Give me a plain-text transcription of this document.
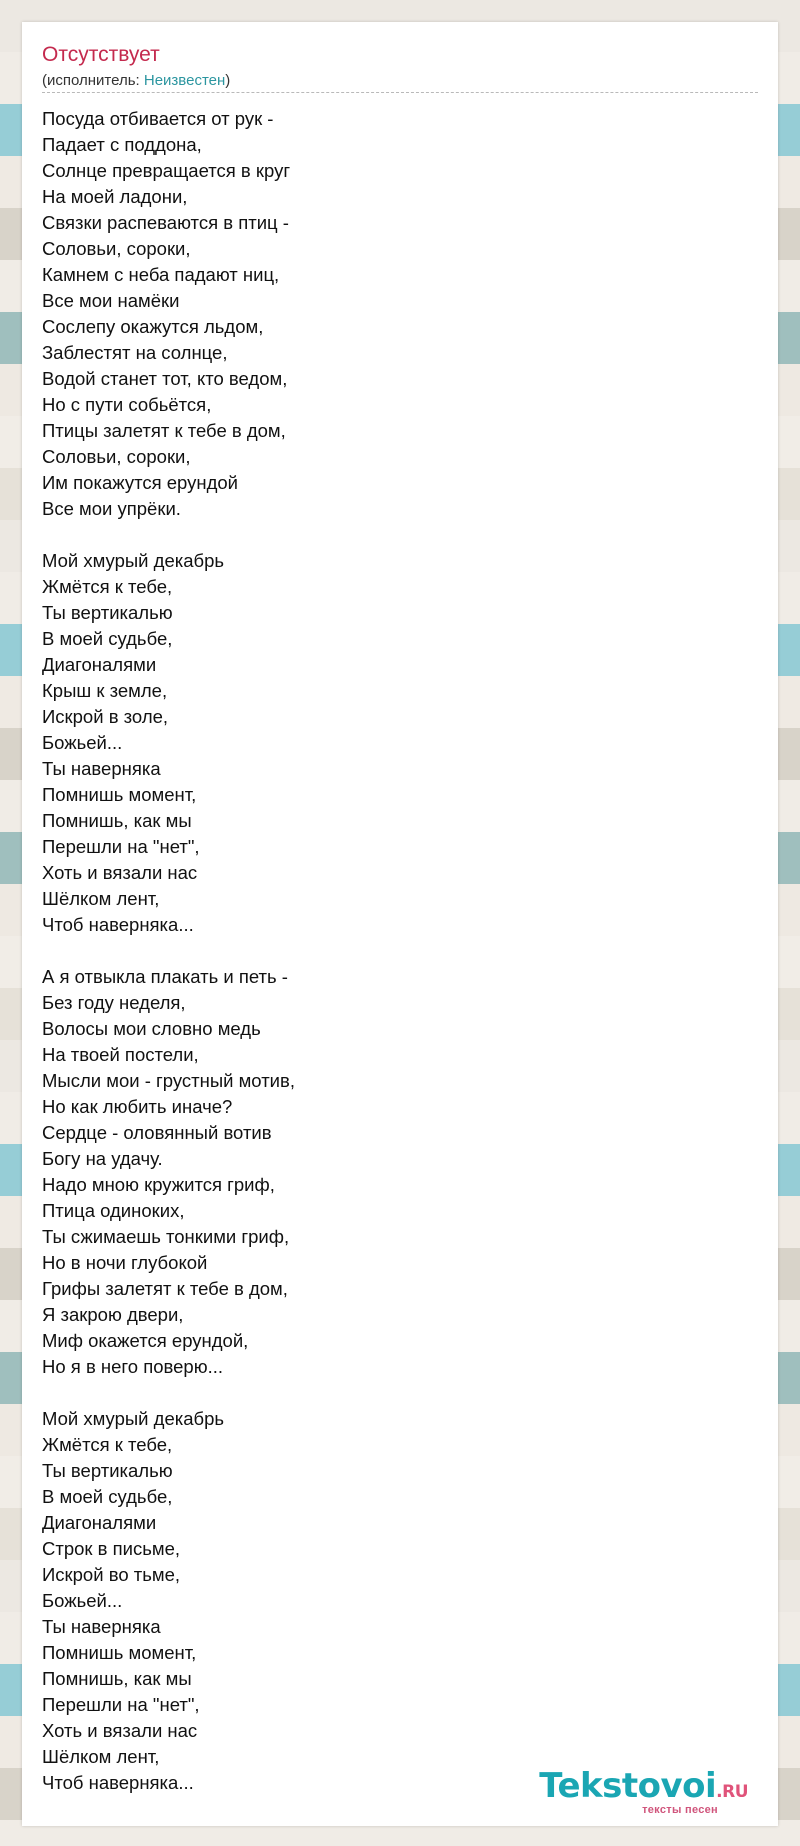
Отсутствует
(исполнитель: Неизвестен)
Посуда отбивается от рук -
Падает с поддона,
Солнце превращается в круг
На моей ладони,
Связки распеваются в птиц -
Соловьи, сороки,
Камнем с неба падают ниц,
Все мои намёки
Сослепу окажутся льдом,
Заблестят на солнце,
Водой станет тот, кто ведом,
Но с пути собьётся,
Птицы залетят к тебе в дом,
Соловьи, сороки,
Им покажутся ерундой
Все мои упрёки.
Мой хмурый декабрь
Жмётся к тебе,
Ты вертикалью
В моей судьбе,
Диагоналями
Крыш к земле,
Искрой в золе,
Божьей...
Ты наверняка
Помнишь момент,
Помнишь, как мы
Перешли на "нет",
Хоть и вязали нас
Шёлком лент,
Чтоб наверняка...
А я отвыкла плакать и петь -
Без году неделя,
Волосы мои словно медь
На твоей постели,
Мысли мои - грустный мотив,
Но как любить иначе?
Сердце - оловянный вотив
Богу на удачу.
Надо мною кружится гриф,
Птица одиноких,
Ты сжимаешь тонкими гриф,
Но в ночи глубокой
Грифы залетят к тебе в дом,
Я закрою двери,
Миф окажется ерундой,
Но я в него поверю...
Мой хмурый декабрь
Жмётся к тебе,
Ты вертикалью
В моей судьбе,
Диагоналями
Строк в письме,
Искрой во тьме,
Божьей...
Ты наверняка
Помнишь момент,
Помнишь, как мы
Перешли на "нет",
Хоть и вязали нас
Шёлком лент,
Чтоб наверняка...	Tekstovoi.RU
тексты песен
